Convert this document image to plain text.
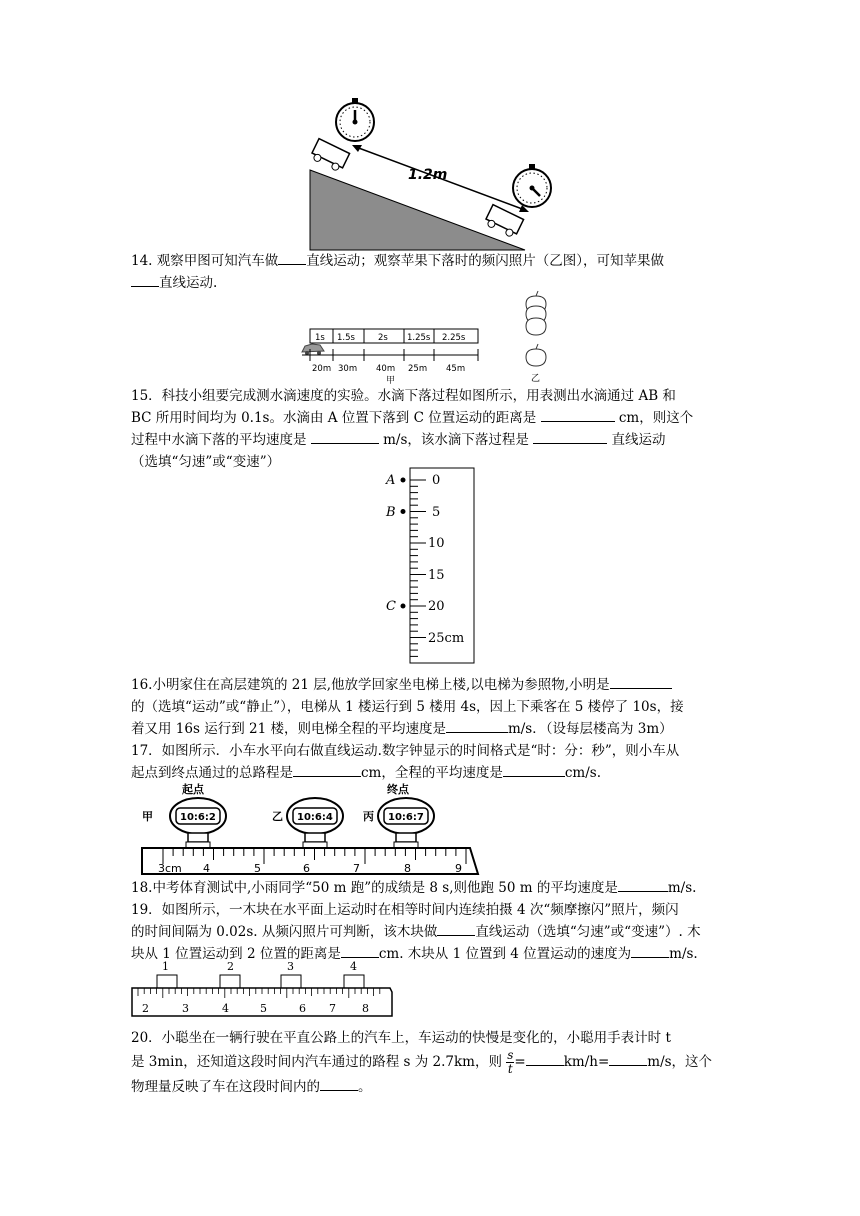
1.2m

14. 观察甲图可知汽车做 直线运动；观察苹果下落时的频闪照片（乙图），可知苹果做
直线运动.

1s 1.5s	2s 1.25s 2.25s
20m 30m 40m 25m 45m
甲	乙

15．科技小组要完成测水滴速度的实验。水滴下落过程如图所示，用表测出水滴通过 AB 和
BC 所用时间均为 0.1s。水滴由 A 位置下落到 C 位置运动的距离是	cm，则这个
过程中水滴下落的平均速度是	m/s，该水滴下落过程是	直线运动
（选填“匀速”或“变速”）

0
5
10
15
20
25cm
A
B
C

16.小明家住在高层建筑的 21 层,他放学回家坐电梯上楼,以电梯为参照物,小明是
的（选填“运动”或“静止”），电梯从 1 楼运行到 5 楼用 4s，因上下乘客在 5 楼停了 10s，接
着又用 16s 运行到 21 楼，则电梯全程的平均速度是	m/s．（设每层楼高为 3m）

17．如图所示．小车水平向右做直线运动.数字钟显示的时间格式是“时：分：秒”，则小车从
起点到终点通过的总路程是	cm，全程的平均速度是	cm/s.

起点	终点
甲	10:6:2	乙 10:6:4	丙 10:6:7
3cm 4	5	6	7	8	9

18.中考体育测试中,小雨同学“50 m 跑”的成绩是 8 s,则他跑 50 m 的平均速度是	m/s.

19．如图所示，一木块在水平面上运动时在相等时间内连续拍摄 4 次“频摩擦闪”照片，频闪
的时间间隔为 0.02s. 从频闪照片可判断，该木块做	直线运动（选填“匀速”或“变速”）. 木
块从 1 位置运动到 2 位置的距离是	cm. 木块从 1 位置到 4 位置运动的速度为	m/s.

1	2	3	4
2	3	4	5	6 7 8

20．小聪坐在一辆行驶在平直公路上的汽车上，车运动的快慢是变化的，小聪用手表计时 t
是 3min，还知道这段时间内汽车通过的路程 s 为 2.7km，则 $\frac{s}{t}$ =	km/h=	m/s，这个
物理量反映了车在这段时间内的	。
